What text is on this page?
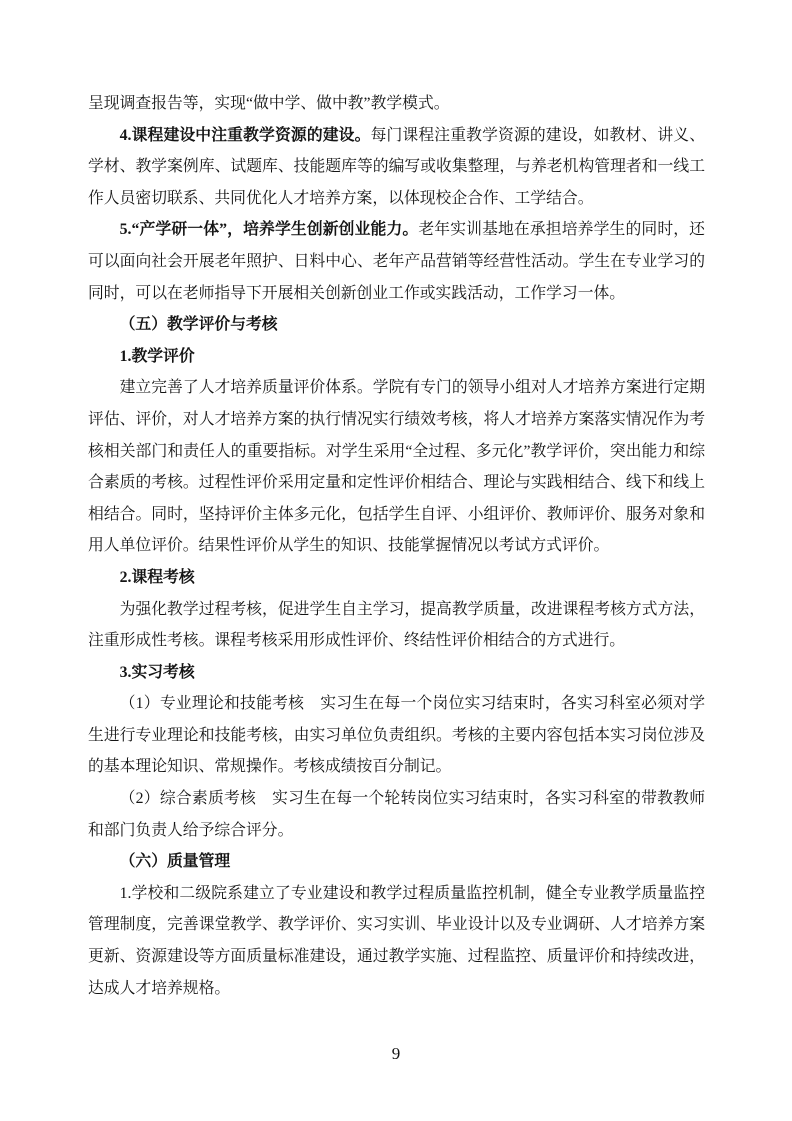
呈现调查报告等，实现“做中学、做中教”教学模式。

4.课程建设中注重教学资源的建设。每门课程注重教学资源的建设，如教材、讲义、学材、教学案例库、试题库、技能题库等的编写或收集整理，与养老机构管理者和一线工作人员密切联系、共同优化人才培养方案，以体现校企合作、工学结合。

5.“产学研一体”，培养学生创新创业能力。老年实训基地在承担培养学生的同时，还可以面向社会开展老年照护、日料中心、老年产品营销等经营性活动。学生在专业学习的同时，可以在老师指导下开展相关创新创业工作或实践活动，工作学习一体。

（五）教学评价与考核

1.教学评价

建立完善了人才培养质量评价体系。学院有专门的领导小组对人才培养方案进行定期评估、评价，对人才培养方案的执行情况实行绩效考核，将人才培养方案落实情况作为考核相关部门和责任人的重要指标。对学生采用“全过程、多元化”教学评价，突出能力和综合素质的考核。过程性评价采用定量和定性评价相结合、理论与实践相结合、线下和线上相结合。同时，坚持评价主体多元化，包括学生自评、小组评价、教师评价、服务对象和用人单位评价。结果性评价从学生的知识、技能掌握情况以考试方式评价。

2.课程考核

为强化教学过程考核，促进学生自主学习，提高教学质量，改进课程考核方式方法，注重形成性考核。课程考核采用形成性评价、终结性评价相结合的方式进行。

3.实习考核

（1）专业理论和技能考核　实习生在每一个岗位实习结束时，各实习科室必须对学生进行专业理论和技能考核，由实习单位负责组织。考核的主要内容包括本实习岗位涉及的基本理论知识、常规操作。考核成绩按百分制记。

（2）综合素质考核　实习生在每一个轮转岗位实习结束时，各实习科室的带教教师和部门负责人给予综合评分。

（六）质量管理

1.学校和二级院系建立了专业建设和教学过程质量监控机制，健全专业教学质量监控管理制度，完善课堂教学、教学评价、实习实训、毕业设计以及专业调研、人才培养方案更新、资源建设等方面质量标准建设，通过教学实施、过程监控、质量评价和持续改进，达成人才培养规格。

9
